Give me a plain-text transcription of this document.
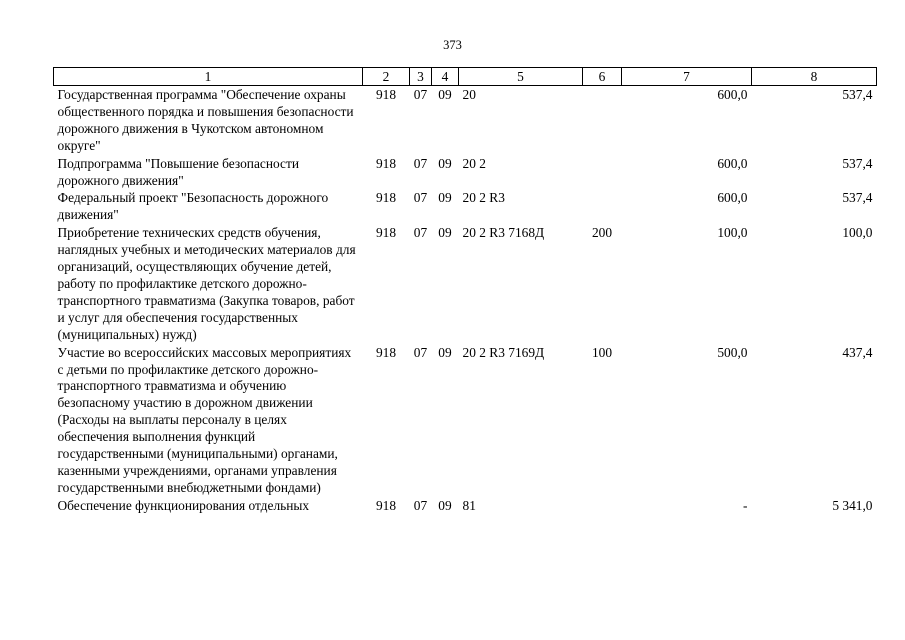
373
1	2	3	4	5	6	7	8
Государственная программа "Обеспечение охраны общественного порядка и повышения безопасности дорожного движения в Чукотском автономном округе"	918	07	09	20		600,0	537,4
Подпрограмма "Повышение безопасности дорожного движения"	918	07	09	20 2		600,0	537,4
Федеральный проект "Безопасность дорожного движения"	918	07	09	20 2 R3		600,0	537,4
Приобретение технических средств обучения, наглядных учебных и методических материалов для организаций, осуществляющих обучение детей, работу по профилактике детского дорожно-транспортного травматизма (Закупка товаров, работ и услуг для обеспечения государственных (муниципальных) нужд)	918	07	09	20 2 R3 7168Д	200	100,0	100,0
Участие во всероссийских массовых мероприятиях с детьми по профилактике детского дорожно-транспортного травматизма и обучению безопасному участию в дорожном движении (Расходы на выплаты персоналу в целях обеспечения выполнения функций государственными (муниципальными) органами, казенными учреждениями, органами управления государственными внебюджетными фондами)	918	07	09	20 2 R3 7169Д	100	500,0	437,4
Обеспечение функционирования отдельных	918	07	09	81		-	5 341,0
